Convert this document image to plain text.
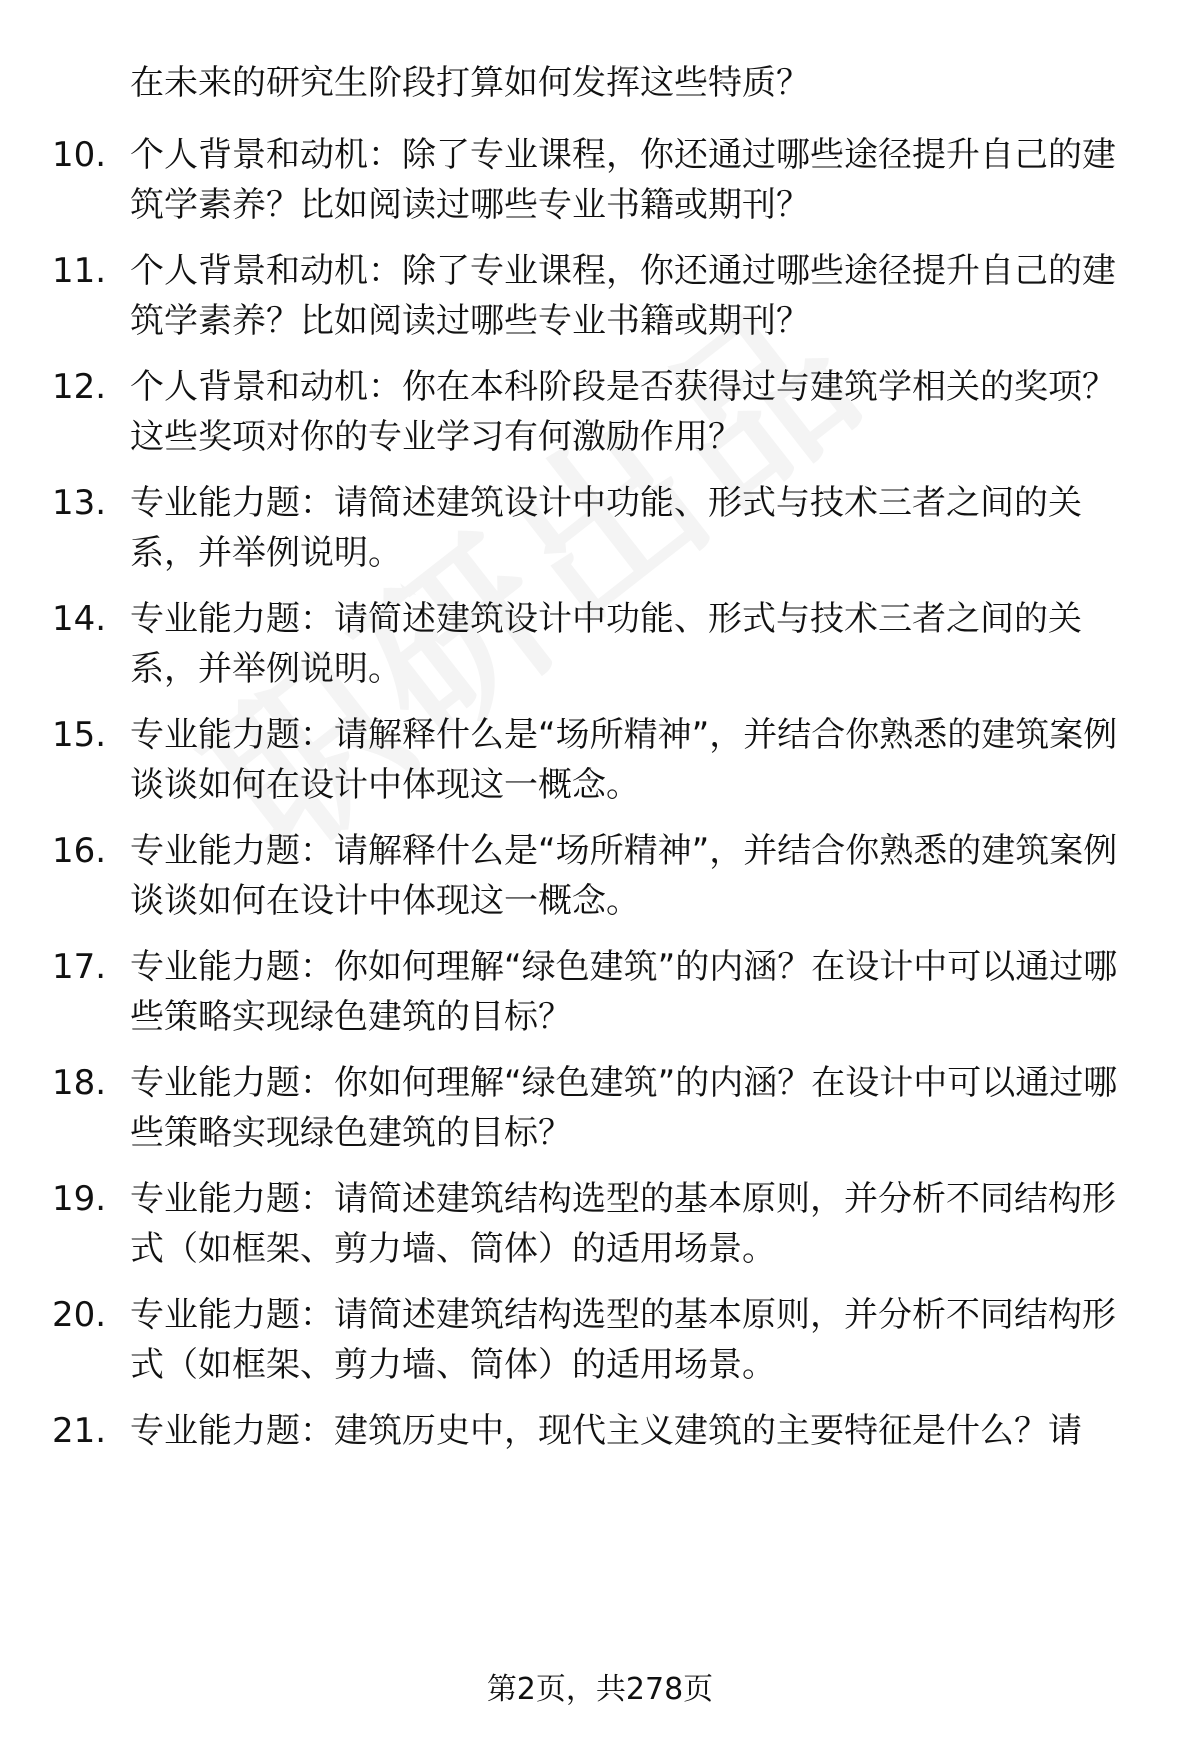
在未来的研究生阶段打算如何发挥这些特质？
10. 个人背景和动机：除了专业课程，你还通过哪些途径提升自己的建筑学素养？比如阅读过哪些专业书籍或期刊？
11. 个人背景和动机：除了专业课程，你还通过哪些途径提升自己的建筑学素养？比如阅读过哪些专业书籍或期刊？
12. 个人背景和动机：你在本科阶段是否获得过与建筑学相关的奖项？这些奖项对你的专业学习有何激励作用？
13. 专业能力题：请简述建筑设计中功能、形式与技术三者之间的关系，并举例说明。
14. 专业能力题：请简述建筑设计中功能、形式与技术三者之间的关系，并举例说明。
15. 专业能力题：请解释什么是“场所精神”，并结合你熟悉的建筑案例谈谈如何在设计中体现这一概念。
16. 专业能力题：请解释什么是“场所精神”，并结合你熟悉的建筑案例谈谈如何在设计中体现这一概念。
17. 专业能力题：你如何理解“绿色建筑”的内涵？在设计中可以通过哪些策略实现绿色建筑的目标？
18. 专业能力题：你如何理解“绿色建筑”的内涵？在设计中可以通过哪些策略实现绿色建筑的目标？
19. 专业能力题：请简述建筑结构选型的基本原则，并分析不同结构形式（如框架、剪力墙、筒体）的适用场景。
20. 专业能力题：请简述建筑结构选型的基本原则，并分析不同结构形式（如框架、剪力墙、筒体）的适用场景。
21. 专业能力题：建筑历史中，现代主义建筑的主要特征是什么？请
第2页，共278页
